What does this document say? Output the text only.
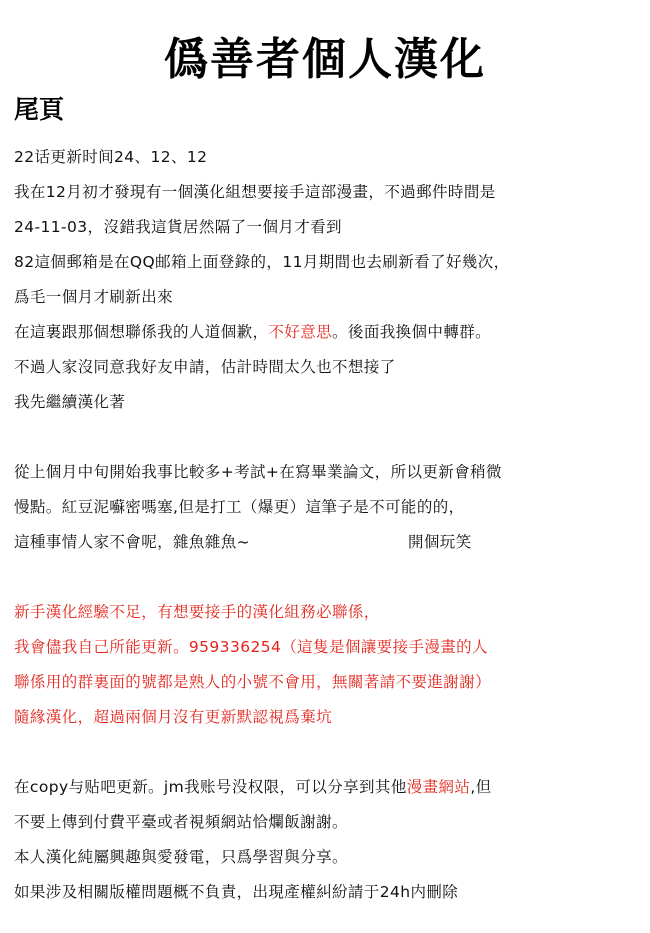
僞善者個人漢化
尾頁
22话更新时间24、12、12
我在12月初才發現有一個漢化組想要接手這部漫畫，不過郵件時間是
24-11-03，沒錯我這貨居然隔了一個月才看到
82這個郵箱是在QQ邮箱上面登錄的，11月期間也去刷新看了好幾次，
爲毛一個月才刷新出來
在這裏跟那個想聯係我的人道個歉，不好意思。後面我換個中轉群。
不過人家沒同意我好友申請，估計時間太久也不想接了
我先繼續漢化著
從上個月中旬開始我事比較多+考試+在寫畢業論文，所以更新會稍微
慢點。紅豆泥囌密嗎塞,但是打工（爆更）這筆子是不可能的的，
這種事情人家不會呢，雜魚雜魚~	開個玩笑
新手漢化經驗不足，有想要接手的漢化組務必聯係，
我會儘我自己所能更新。959336254（這隻是個讓要接手漫畫的人
聯係用的群裏面的號都是熟人的小號不會用，無關著請不要進謝謝）
隨緣漢化，超過兩個月沒有更新默認視爲棄坑
在copy与贴吧更新。jm我账号没权限，可以分享到其他漫畫網站,但
不要上傳到付費平臺或者視頻網站恰爛飯謝謝。
本人漢化純屬興趣與愛發電，只爲學習與分享。
如果涉及相關版權問題概不負責，出現產權糾紛請于24h内刪除
